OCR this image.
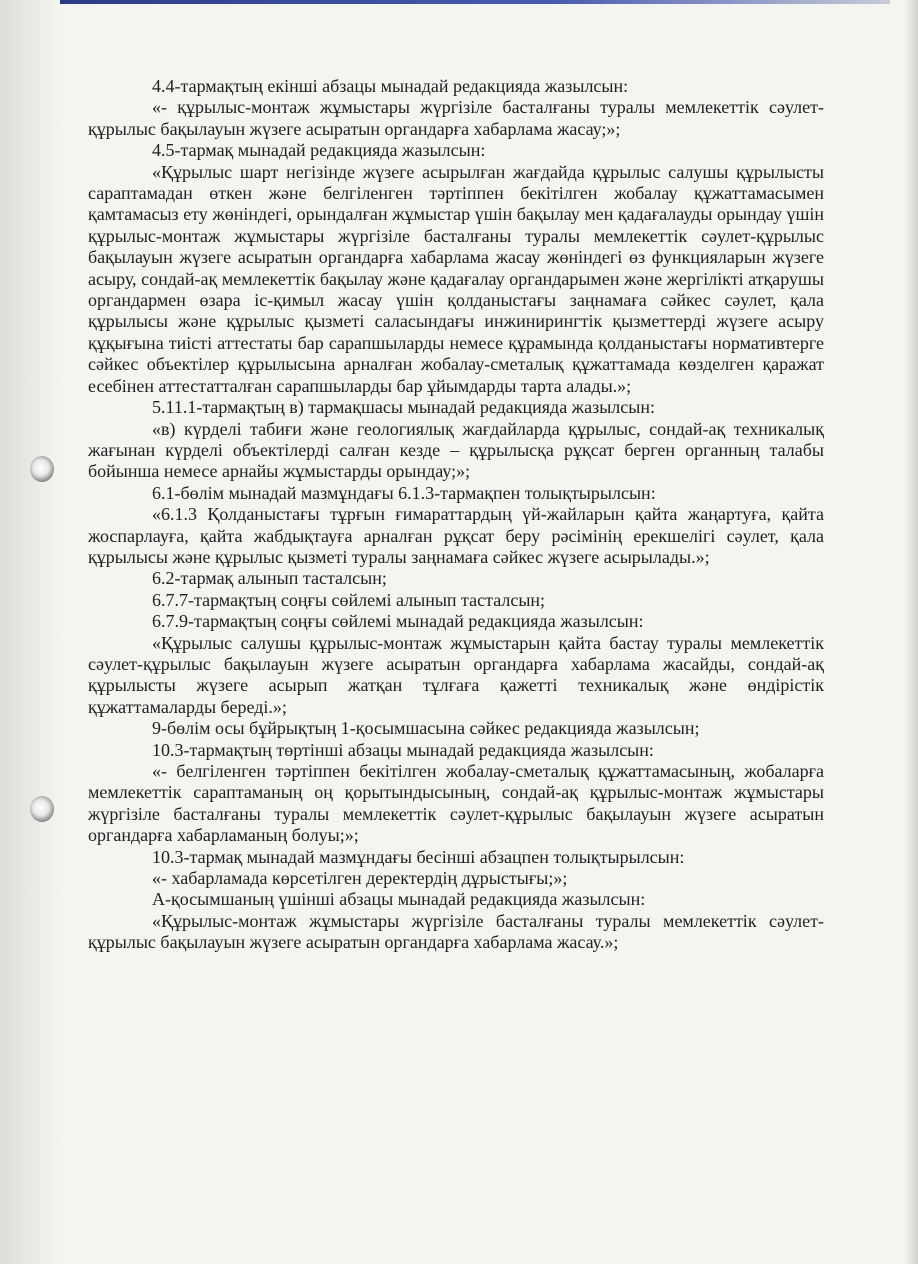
4.4-тармақтың екінші абзацы мынадай редакцияда жазылсын:

«- құрылыс-монтаж жұмыстары жүргізіле басталғаны туралы мемлекеттік сәулет-құрылыс бақылауын жүзеге асыратын органдарға хабарлама жасау;»;

4.5-тармақ мынадай редакцияда жазылсын:

«Құрылыс шарт негізінде жүзеге асырылған жағдайда құрылыс салушы құрылысты сараптамадан өткен және белгіленген тәртіппен бекітілген жобалау құжаттамасымен қамтамасыз ету жөніндегі, орындалған жұмыстар үшін бақылау мен қадағалауды орындау үшін құрылыс-монтаж жұмыстары жүргізіле басталғаны туралы мемлекеттік сәулет-құрылыс бақылауын жүзеге асыратын органдарға хабарлама жасау жөніндегі өз функцияларын жүзеге асыру, сондай-ақ мемлекеттік бақылау және қадағалау органдарымен және жергілікті атқарушы органдармен өзара іс-қимыл жасау үшін қолданыстағы заңнамаға сәйкес сәулет, қала құрылысы және құрылыс қызметі саласындағы инжинирингтік қызметтерді жүзеге асыру құқығына тиісті аттестаты бар сарапшыларды немесе құрамында қолданыстағы нормативтерге сәйкес объектілер құрылысына арналған жобалау-сметалық құжаттамада көзделген қаражат есебінен аттестатталған сарапшыларды бар ұйымдарды тарта алады.»;

5.11.1-тармақтың в) тармақшасы мынадай редакцияда жазылсын:

«в) күрделі табиғи және геологиялық жағдайларда құрылыс, сондай-ақ техникалық жағынан күрделі объектілерді салған кезде – құрылысқа рұқсат берген органның талабы бойынша немесе арнайы жұмыстарды орындау;»;

6.1-бөлім мынадай мазмұндағы 6.1.3-тармақпен толықтырылсын:

«6.1.3 Қолданыстағы тұрғын ғимараттардың үй-жайларын қайта жаңартуға, қайта жоспарлауға, қайта жабдықтауға арналған рұқсат беру рәсімінің ерекшелігі сәулет, қала құрылысы және құрылыс қызметі туралы заңнамаға сәйкес жүзеге асырылады.»;

6.2-тармақ алынып тасталсын;

6.7.7-тармақтың соңғы сөйлемі алынып тасталсын;

6.7.9-тармақтың соңғы сөйлемі мынадай редакцияда жазылсын:

«Құрылыс салушы құрылыс-монтаж жұмыстарын қайта бастау туралы мемлекеттік сәулет-құрылыс бақылауын жүзеге асыратын органдарға хабарлама жасайды, сондай-ақ құрылысты жүзеге асырып жатқан тұлғаға қажетті техникалық және өндірістік құжаттамаларды береді.»;

9-бөлім осы бұйрықтың 1-қосымшасына сәйкес редакцияда жазылсын;

10.3-тармақтың төртінші абзацы мынадай редакцияда жазылсын:

«- белгіленген тәртіппен бекітілген жобалау-сметалық құжаттамасының, жобаларға мемлекеттік сараптаманың оң қорытындысының, сондай-ақ құрылыс-монтаж жұмыстары жүргізіле басталғаны туралы мемлекеттік сәулет-құрылыс бақылауын жүзеге асыратын органдарға хабарламаның болуы;»;

10.3-тармақ мынадай мазмұндағы бесінші абзацпен толықтырылсын:

«- хабарламада көрсетілген деректердің дұрыстығы;»;

А-қосымшаның үшінші абзацы мынадай редакцияда жазылсын:

«Құрылыс-монтаж жұмыстары жүргізіле басталғаны туралы мемлекеттік сәулет-құрылыс бақылауын жүзеге асыратын органдарға хабарлама жасау.»;
